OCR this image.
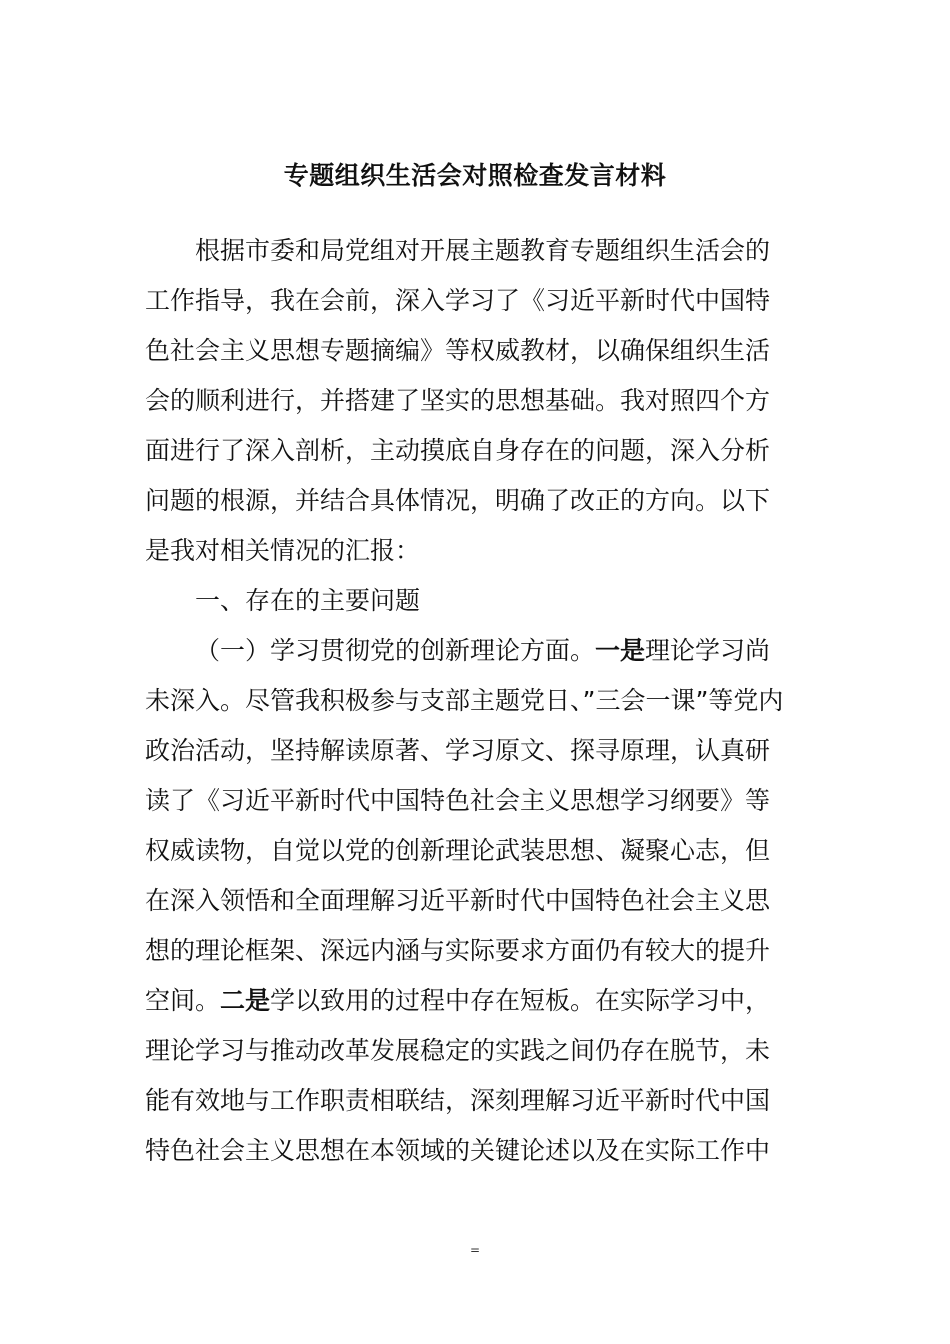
专题组织生活会对照检查发言材料
根据市委和局党组对开展主题教育专题组织生活会的
工作指导，我在会前，深入学习了《习近平新时代中国特
色社会主义思想专题摘编》等权威教材，以确保组织生活
会的顺利进行，并搭建了坚实的思想基础。我对照四个方
面进行了深入剖析，主动摸底自身存在的问题，深入分析
问题的根源，并结合具体情况，明确了改正的方向。以下
是我对相关情况的汇报：
一、存在的主要问题
（一）学习贯彻党的创新理论方面。一是理论学习尚
未深入。尽管我积极参与支部主题党日、”三会一课”等党内
政治活动，坚持解读原著、学习原文、探寻原理，认真研
读了《习近平新时代中国特色社会主义思想学习纲要》等
权威读物，自觉以党的创新理论武装思想、凝聚心志，但
在深入领悟和全面理解习近平新时代中国特色社会主义思
想的理论框架、深远内涵与实际要求方面仍有较大的提升
空间。二是学以致用的过程中存在短板。在实际学习中，
理论学习与推动改革发展稳定的实践之间仍存在脱节，未
能有效地与工作职责相联结，深刻理解习近平新时代中国
特色社会主义思想在本领域的关键论述以及在实际工作中
=
